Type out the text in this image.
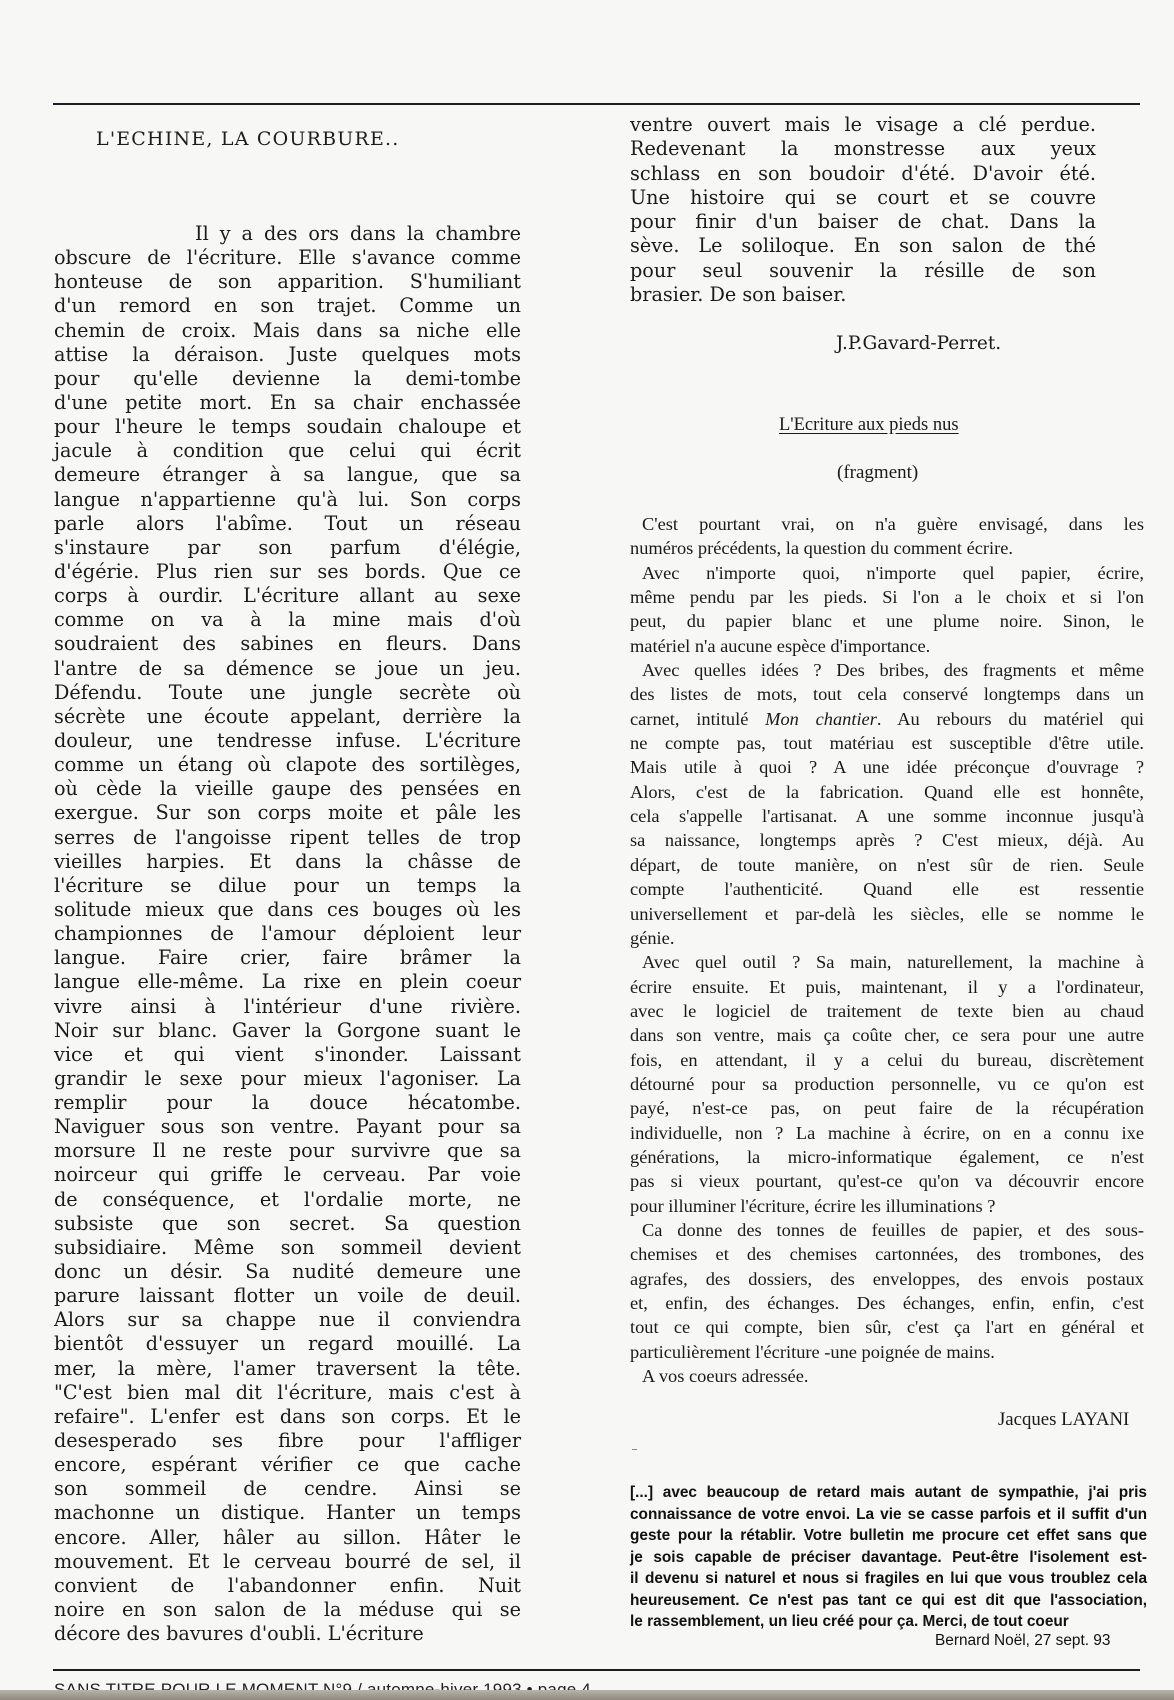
L'ECHINE, LA COURBURE..
Il y a des ors dans la chambre
obscure de l'écriture. Elle s'avance comme
honteuse de son apparition. S'humiliant
d'un remord en son trajet. Comme un
chemin de croix. Mais dans sa niche elle
attise la déraison. Juste quelques mots
pour qu'elle devienne la demi-tombe
d'une petite mort. En sa chair enchassée
pour l'heure le temps soudain chaloupe et
jacule à condition que celui qui écrit
demeure étranger à sa langue, que sa
langue n'appartienne qu'à lui. Son corps
parle alors l'abîme. Tout un réseau
s'instaure par son parfum d'élégie,
d'égérie. Plus rien sur ses bords. Que ce
corps à ourdir. L'écriture allant au sexe
comme on va à la mine mais d'où
soudraient des sabines en fleurs. Dans
l'antre de sa démence se joue un jeu.
Défendu. Toute une jungle secrète où
sécrète une écoute appelant, derrière la
douleur, une tendresse infuse. L'écriture
comme un étang où clapote des sortilèges,
où cède la vieille gaupe des pensées en
exergue. Sur son corps moite et pâle les
serres de l'angoisse ripent telles de trop
vieilles harpies. Et dans la châsse de
l'écriture se dilue pour un temps la
solitude mieux que dans ces bouges où les
championnes de l'amour déploient leur
langue. Faire crier, faire brâmer la
langue elle-même. La rixe en plein coeur
vivre ainsi à l'intérieur d'une rivière.
Noir sur blanc. Gaver la Gorgone suant le
vice et qui vient s'inonder. Laissant
grandir le sexe pour mieux l'agoniser. La
remplir pour la douce hécatombe.
Naviguer sous son ventre. Payant pour sa
morsure Il ne reste pour survivre que sa
noirceur qui griffe le cerveau. Par voie
de conséquence, et l'ordalie morte, ne
subsiste que son secret. Sa question
subsidiaire. Même son sommeil devient
donc un désir. Sa nudité demeure une
parure laissant flotter un voile de deuil.
Alors sur sa chappe nue il conviendra
bientôt d'essuyer un regard mouillé. La
mer, la mère, l'amer traversent la tête.
"C'est bien mal dit l'écriture, mais c'est à
refaire". L'enfer est dans son corps. Et le
desesperado ses fibre pour l'affliger
encore, espérant vérifier ce que cache
son sommeil de cendre. Ainsi se
machonne un distique. Hanter un temps
encore. Aller, hâler au sillon. Hâter le
mouvement. Et le cerveau bourré de sel, il
convient de l'abandonner enfin. Nuit
noire en son salon de la méduse qui se
décore des bavures d'oubli. L'écriture
ventre ouvert mais le visage a clé perdue.
Redevenant la monstresse aux yeux
schlass en son boudoir d'été. D'avoir été.
Une histoire qui se court et se couvre
pour finir d'un baiser de chat. Dans la
sève. Le soliloque. En son salon de thé
pour seul souvenir la résille de son
brasier. De son baiser.
J.P.Gavard-Perret.
L'Ecriture aux pieds nus
(fragment)
C'est pourtant vrai, on n'a guère envisagé, dans les
numéros précédents, la question du comment écrire.
Avec n'importe quoi, n'importe quel papier, écrire,
même pendu par les pieds. Si l'on a le choix et si l'on
peut, du papier blanc et une plume noire. Sinon, le
matériel n'a aucune espèce d'importance.
Avec quelles idées ? Des bribes, des fragments et même
des listes de mots, tout cela conservé longtemps dans un
carnet, intitulé Mon chantier. Au rebours du matériel qui
ne compte pas, tout matériau est susceptible d'être utile.
Mais utile à quoi ? A une idée préconçue d'ouvrage ?
Alors, c'est de la fabrication. Quand elle est honnête,
cela s'appelle l'artisanat. A une somme inconnue jusqu'à
sa naissance, longtemps après ? C'est mieux, déjà. Au
départ, de toute manière, on n'est sûr de rien. Seule
compte l'authenticité. Quand elle est ressentie
universellement et par-delà les siècles, elle se nomme le
génie.
Avec quel outil ? Sa main, naturellement, la machine à
écrire ensuite. Et puis, maintenant, il y a l'ordinateur,
avec le logiciel de traitement de texte bien au chaud
dans son ventre, mais ça coûte cher, ce sera pour une autre
fois, en attendant, il y a celui du bureau, discrètement
détourné pour sa production personnelle, vu ce qu'on est
payé, n'est-ce pas, on peut faire de la récupération
individuelle, non ? La machine à écrire, on en a connu ixe
générations, la micro-informatique également, ce n'est
pas si vieux pourtant, qu'est-ce qu'on va découvrir encore
pour illuminer l'écriture, écrire les illuminations ?
Ca donne des tonnes de feuilles de papier, et des sous-
chemises et des chemises cartonnées, des trombones, des
agrafes, des dossiers, des enveloppes, des envois postaux
et, enfin, des échanges. Des échanges, enfin, enfin, c'est
tout ce qui compte, bien sûr, c'est ça l'art en général et
particulièrement l'écriture -une poignée de mains.
A vos coeurs adressée.
Jacques LAYANI
[...] avec beaucoup de retard mais autant de sympathie, j'ai pris
connaissance de votre envoi. La vie se casse parfois et il suffit d'un
geste pour la rétablir. Votre bulletin me procure cet effet sans que
je sois capable de préciser davantage. Peut-être l'isolement est-
il devenu si naturel et nous si fragiles en lui que vous troublez cela
heureusement. Ce n'est pas tant ce qui est dit que l'association,
le rassemblement, un lieu créé pour ça. Merci, de tout coeur
Bernard Noël, 27 sept. 93
